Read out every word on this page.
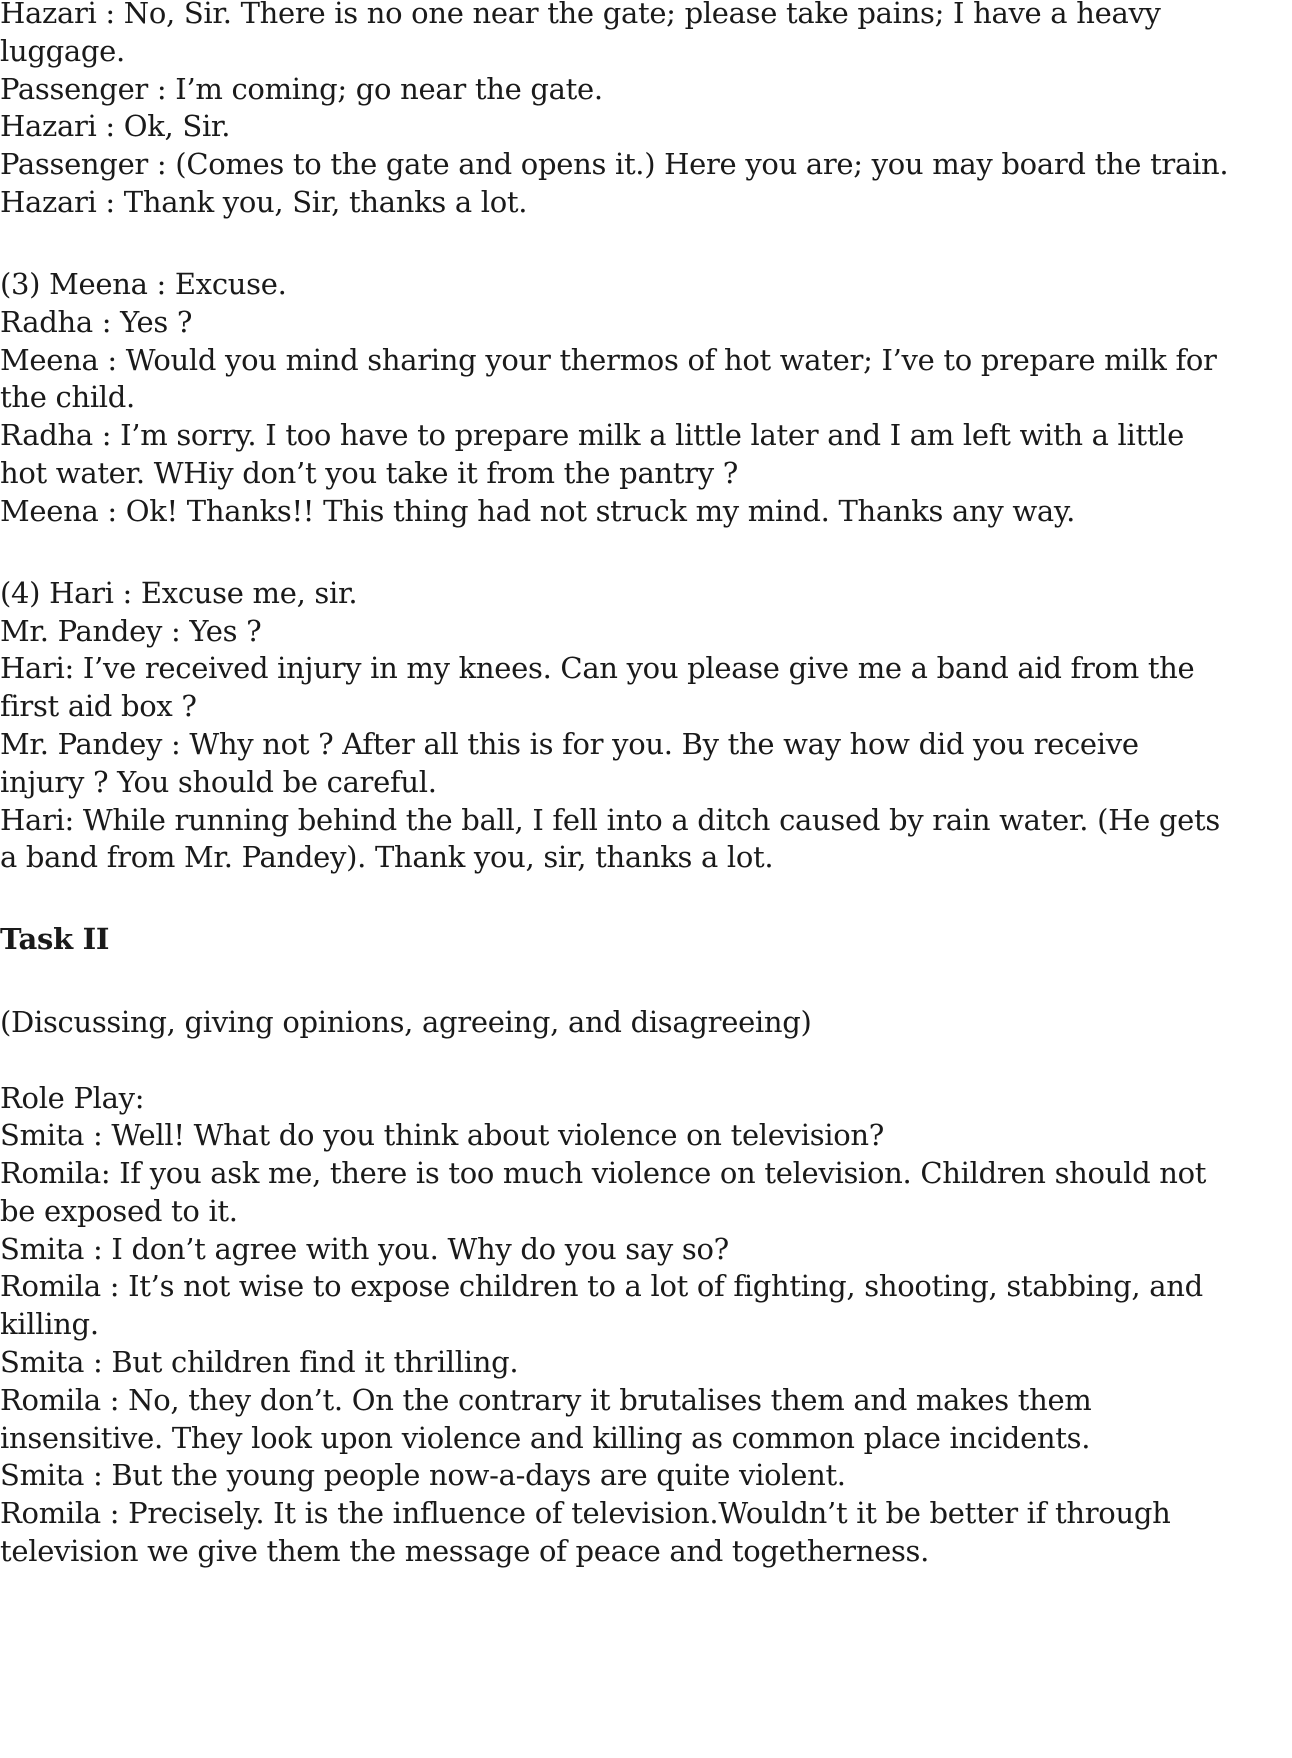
Hazari : No, Sir. There is no one near the gate; please take pains; I have a heavy
luggage.
Passenger : I’m coming; go near the gate.
Hazari : Ok, Sir.
Passenger : (Comes to the gate and opens it.) Here you are; you may board the train.
Hazari : Thank you, Sir, thanks a lot.
(3) Meena : Excuse.
Radha : Yes ?
Meena : Would you mind sharing your thermos of hot water; I’ve to prepare milk for
the child.
Radha : I’m sorry. I too have to prepare milk a little later and I am left with a little
hot water. WHiy don’t you take it from the pantry ?
Meena : Ok! Thanks!! This thing had not struck my mind. Thanks any way.
(4) Hari : Excuse me, sir.
Mr. Pandey : Yes ?
Hari: I’ve received injury in my knees. Can you please give me a band aid from the
first aid box ?
Mr. Pandey : Why not ? After all this is for you. By the way how did you receive
injury ? You should be careful.
Hari: While running behind the ball, I fell into a ditch caused by rain water. (He gets
a band from Mr. Pandey). Thank you, sir, thanks a lot.
Task II
(Discussing, giving opinions, agreeing, and disagreeing)
Role Play:
Smita : Well! What do you think about violence on television?
Romila: If you ask me, there is too much violence on television. Children should not
be exposed to it.
Smita : I don’t agree with you. Why do you say so?
Romila : It’s not wise to expose children to a lot of fighting, shooting, stabbing, and
killing.
Smita : But children find it thrilling.
Romila : No, they don’t. On the contrary it brutalises them and makes them
insensitive. They look upon violence and killing as common place incidents.
Smita : But the young people now-a-days are quite violent.
Romila : Precisely. It is the influence of television.Wouldn’t it be better if through
television we give them the message of peace and togetherness.
